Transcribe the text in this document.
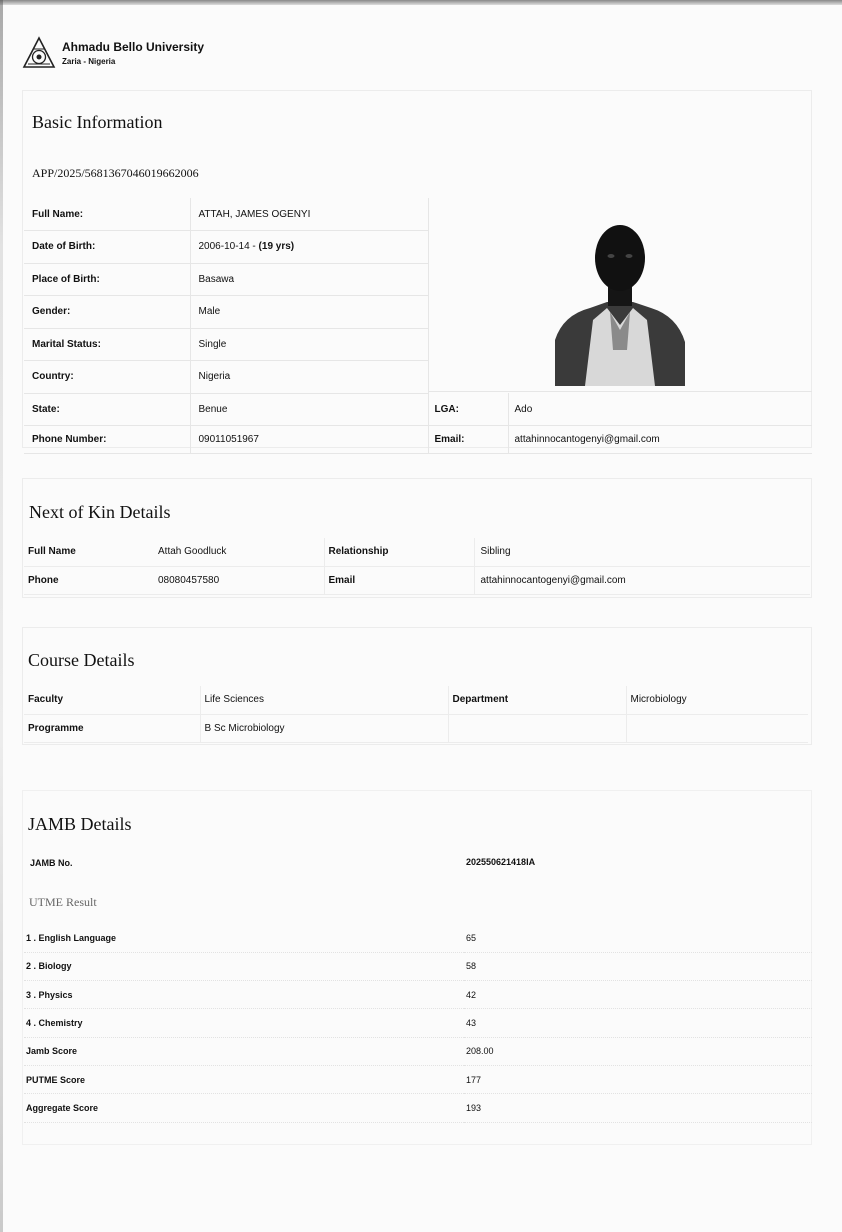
Ahmadu Bello University
Zaria - Nigeria
Basic Information
APP/2025/5681367046019662006
Full Name:	ATTAH, JAMES OGENYI		
Date of Birth:	2006-10-14 - (19 yrs)		
Place of Birth:	Basawa		
Gender:	Male		
Marital Status:	Single		
Country:	Nigeria		
State:	Benue	LGA:	Ado
Phone Number:	09011051967	Email:	attahinnocantogenyi@gmail.com
Next of Kin Details
Full Name	Attah Goodluck	Relationship	Sibling
Phone	08080457580	Email	attahinnocantogenyi@gmail.com
Course Details
Faculty	Life Sciences	Department	Microbiology
Programme	B Sc Microbiology		
JAMB Details
JAMB No.	202550621418IA
UTME Result
1 . English Language	65
2 . Biology	58
3 . Physics	42
4 . Chemistry	43
Jamb Score	208.00
PUTME Score	177
Aggregate Score	193
